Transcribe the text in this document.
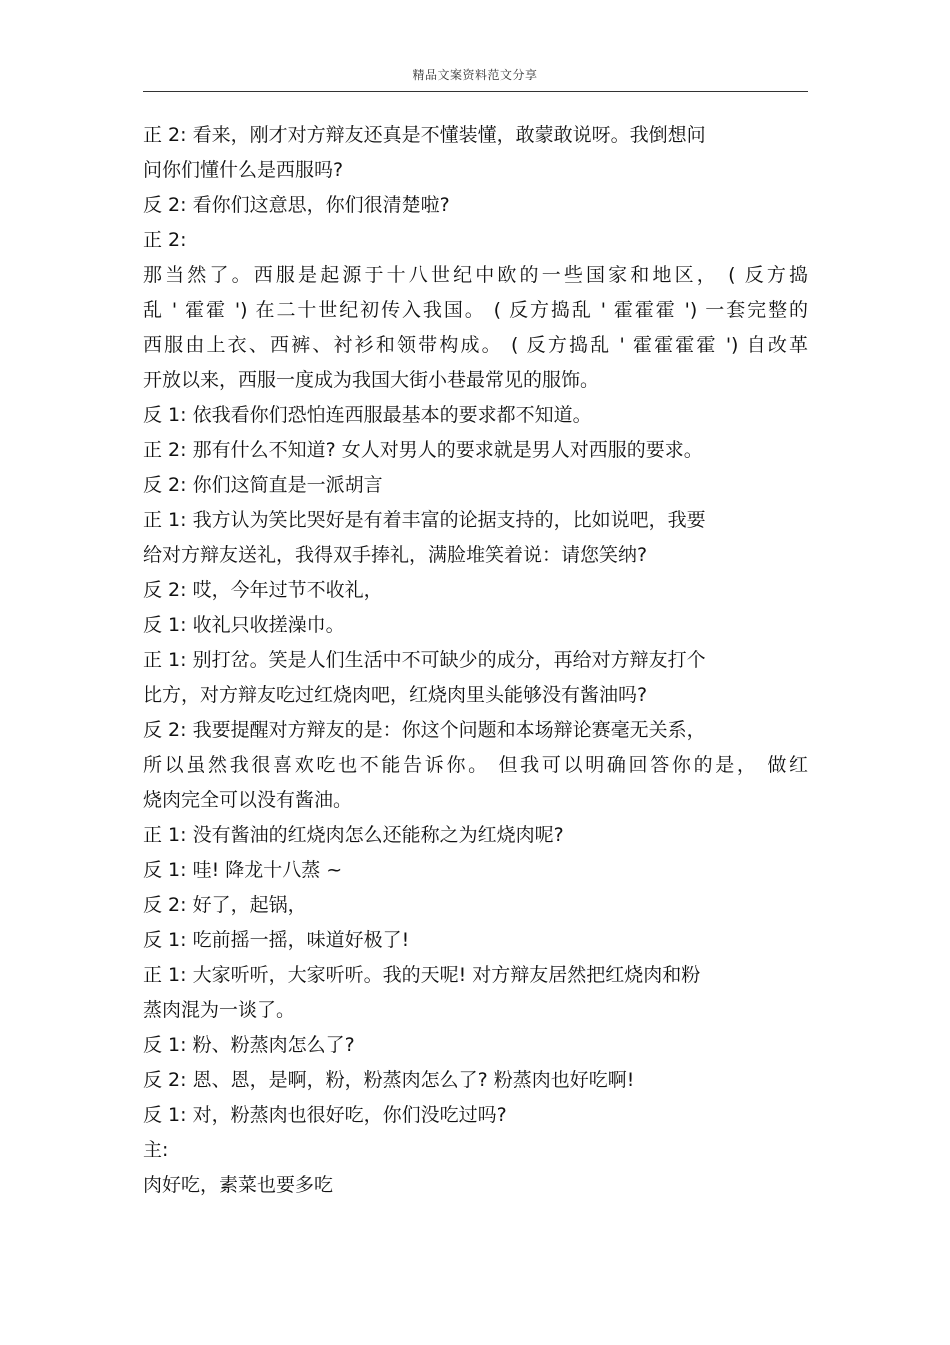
精品文案资料范文分享
正 2: 看来，刚才对方辩友还真是不懂装懂，敢蒙敢说呀。我倒想问
问你们懂什么是西服吗?
反 2: 看你们这意思，你们很清楚啦?
正 2:
那当然了。西服是起源于十八世纪中欧的一些国家和地区， ( 反方捣
乱 ' 霍霍 ') 在二十世纪初传入我国。 ( 反方捣乱 ' 霍霍霍 ') 一套完整的
西服由上衣、西裤、衬衫和领带构成。 ( 反方捣乱 ' 霍霍霍霍 ') 自改革
开放以来，西服一度成为我国大街小巷最常见的服饰。
反 1: 依我看你们恐怕连西服最基本的要求都不知道。
正 2: 那有什么不知道? 女人对男人的要求就是男人对西服的要求。
反 2: 你们这简直是一派胡言
正 1: 我方认为笑比哭好是有着丰富的论据支持的，比如说吧，我要
给对方辩友送礼，我得双手捧礼，满脸堆笑着说：请您笑纳?
反 2: 哎，今年过节不收礼，
反 1: 收礼只收搓澡巾。
正 1: 别打岔。笑是人们生活中不可缺少的成分，再给对方辩友打个
比方，对方辩友吃过红烧肉吧，红烧肉里头能够没有酱油吗?
反 2: 我要提醒对方辩友的是：你这个问题和本场辩论赛毫无关系，
所以虽然我很喜欢吃也不能告诉你。 但我可以明确回答你的是， 做红
烧肉完全可以没有酱油。
正 1: 没有酱油的红烧肉怎么还能称之为红烧肉呢?
反 1: 哇! 降龙十八蒸 ~
反 2: 好了，起锅，
反 1: 吃前摇一摇，味道好极了!
正 1: 大家听听，大家听听。我的天呢! 对方辩友居然把红烧肉和粉
蒸肉混为一谈了。
反 1: 粉、粉蒸肉怎么了?
反 2: 恩、恩，是啊，粉，粉蒸肉怎么了? 粉蒸肉也好吃啊!
反 1: 对，粉蒸肉也很好吃，你们没吃过吗?
主:
肉好吃，素菜也要多吃
